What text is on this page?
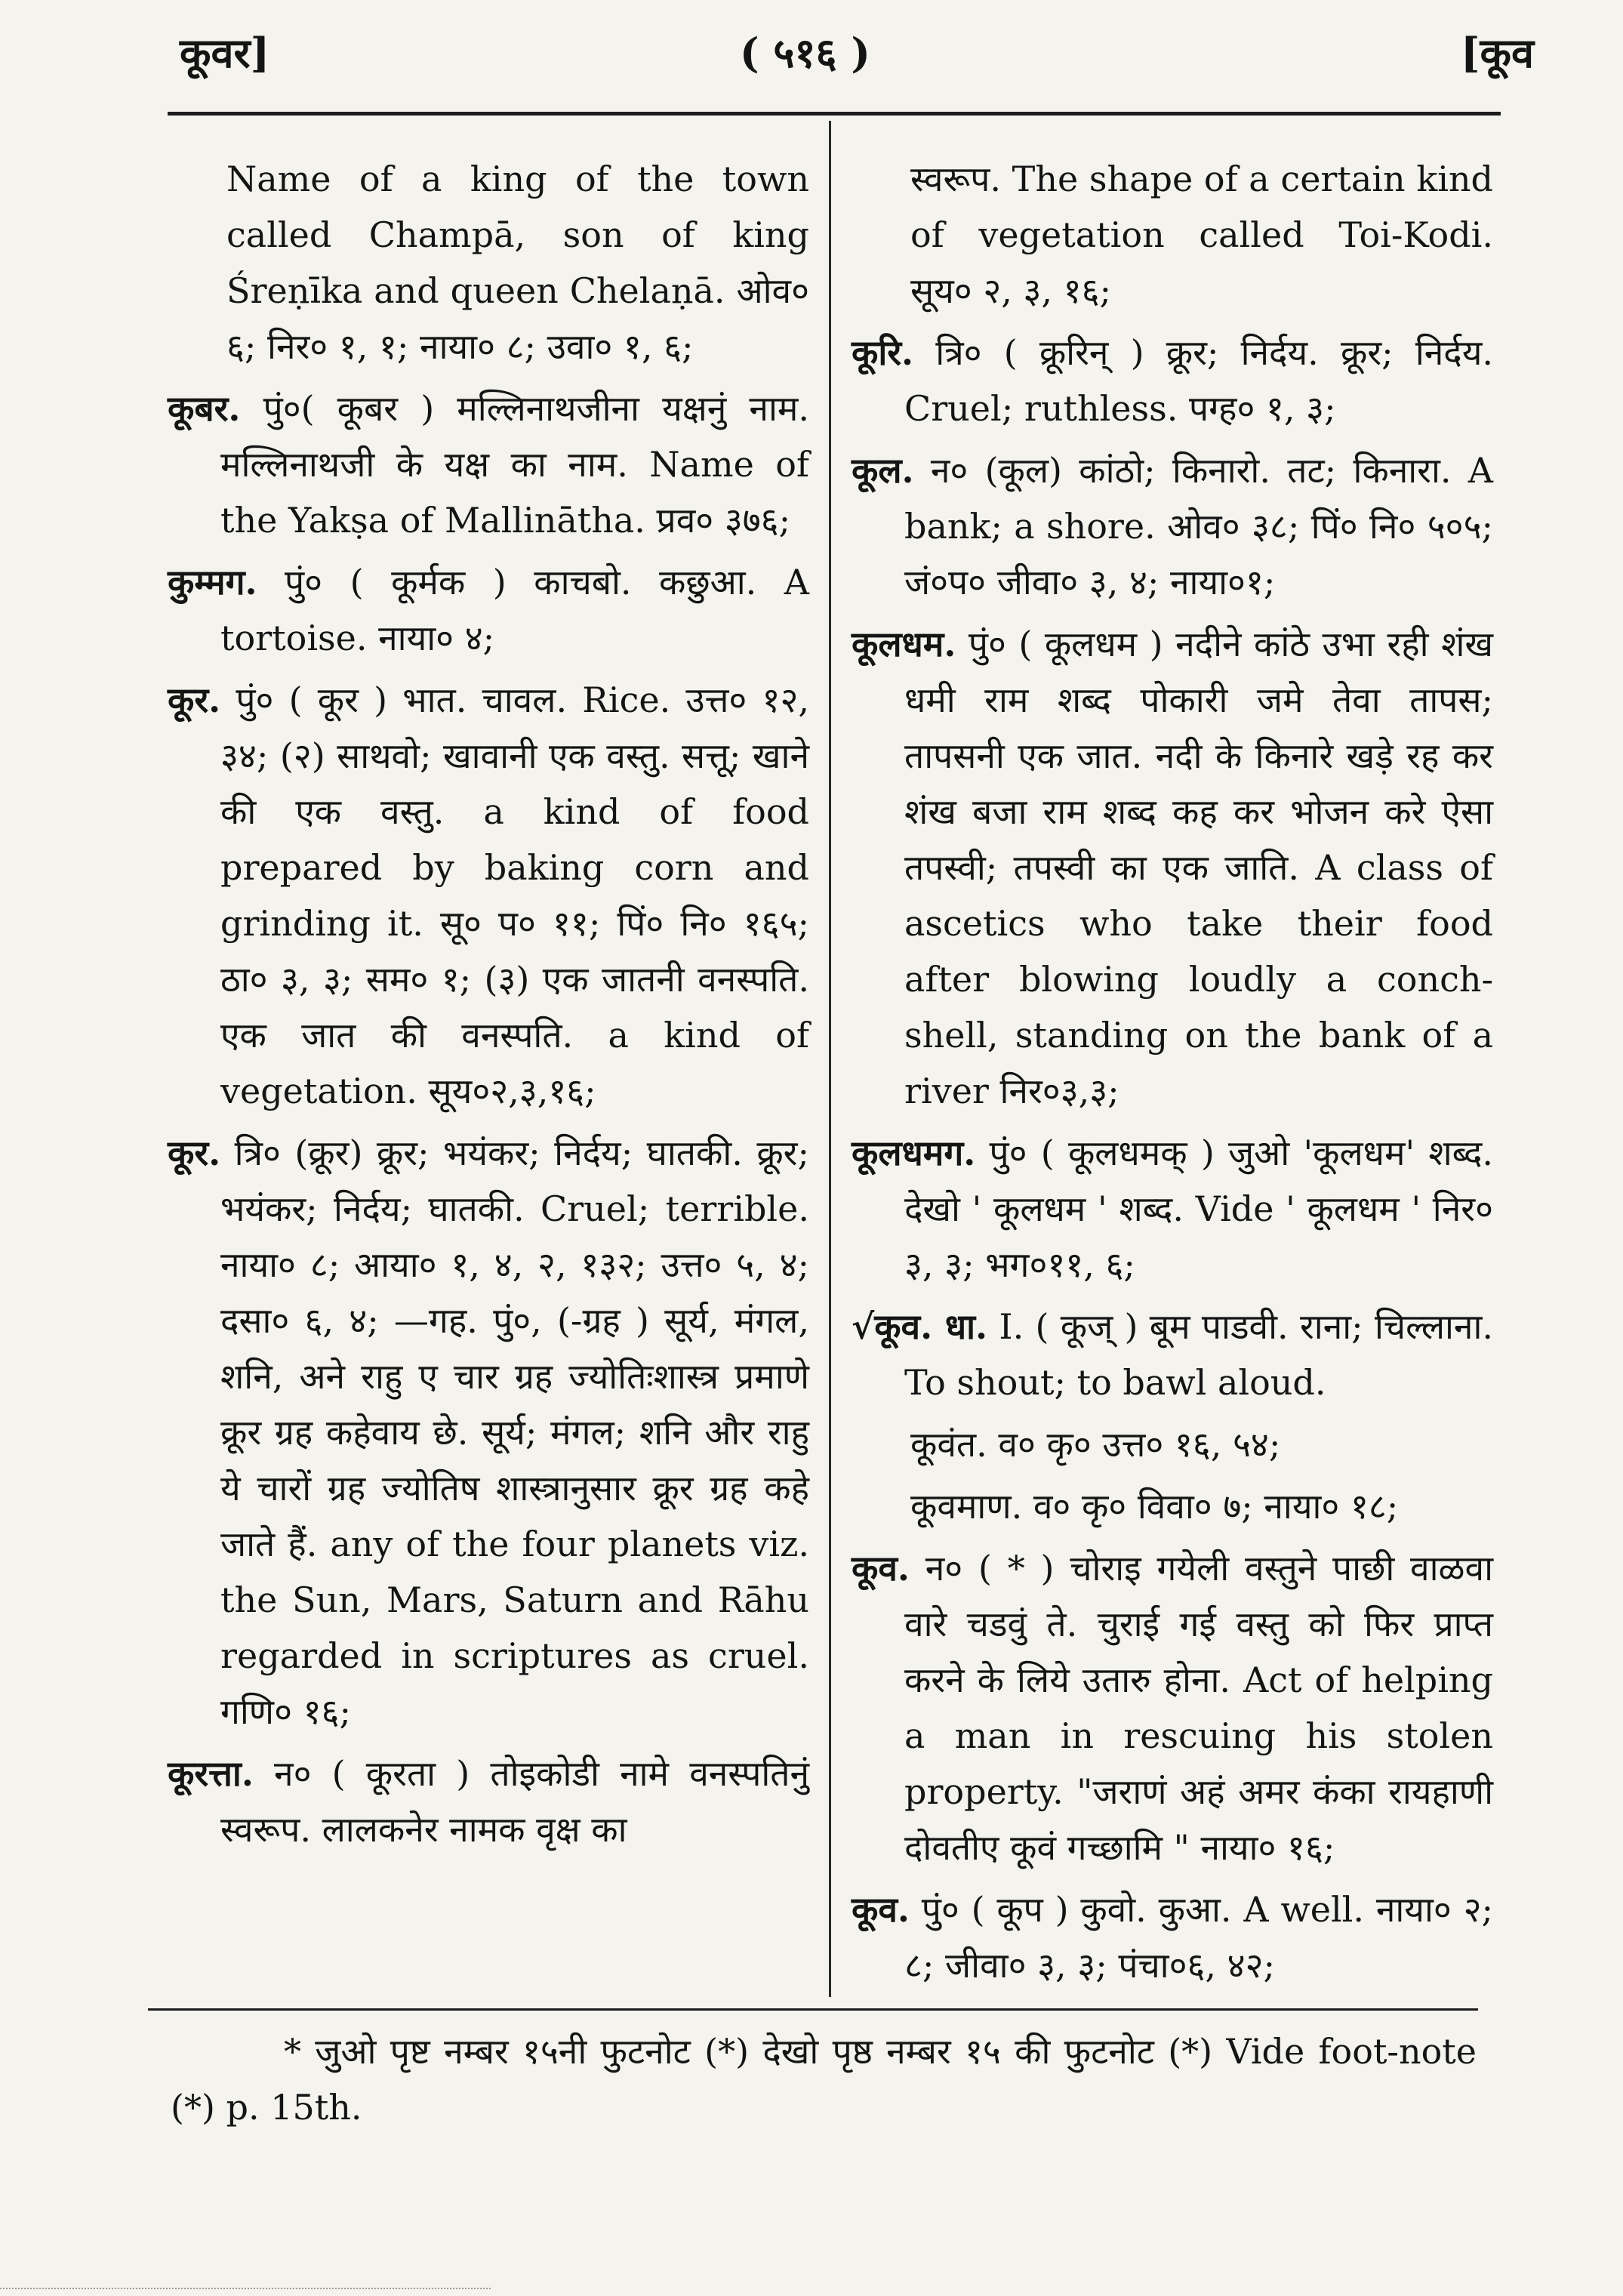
कूवर]	( ५१६ )	[कूव

Name of a king of the town called Champā, son of king Śreṇīka and queen Chelaṇā. ओव० ६; निर० १, १; नाया० ८; उवा० १, ६;

कूबर. पुं०( कूबर ) मल्लिनाथजीना यक्षनुं नाम. मल्लिनाथजी के यक्ष का नाम. Name of the Yakṣa of Mallinātha. प्रव० ३७६;

कुम्मग. पुं० ( कूर्मक ) काचबो. कछुआ. A tortoise. नाया० ४;

कूर. पुं० ( कूर ) भात. चावल. Rice. उत्त० १२, ३४; (२) साथवो; खावानी एक वस्तु. सत्तू; खाने की एक वस्तु. a kind of food prepared by baking corn and grinding it. सू० प० ११; पिं० नि० १६५; ठा० ३, ३; सम० १; (३) एक जातनी वनस्पति. एक जात की वनस्पति. a kind of vegetation. सूय०२,३,१६;

कूर. त्रि० (क्रूर) क्रूर; भयंकर; निर्दय; घातकी. क्रूर; भयंकर; निर्दय; घातकी. Cruel; terrible. नाया० ८; आया० १, ४, २, १३२; उत्त० ५, ४; दसा० ६, ४; —गह. पुं०, (-ग्रह ) सूर्य, मंगल, शनि, अने राहु ए चार ग्रह ज्योतिःशास्त्र प्रमाणे क्रूर ग्रह कहेवाय छे. सूर्य; मंगल; शनि और राहु ये चारों ग्रह ज्योतिष शास्त्रानुसार क्रूर ग्रह कहे जाते हैं. any of the four planets viz. the Sun, Mars, Saturn and Rāhu regarded in scriptures as cruel. गणि० १६;

कूरत्ता. न० ( कूरता ) तोइकोडी नामे वनस्पतिनुं स्वरूप. लालकनेर नामक वृक्ष का

स्वरूप. The shape of a certain kind of vegetation called Toi-Kodi. सूय० २, ३, १६;

कूरि. त्रि० ( क्रूरिन् ) क्रूर; निर्दय. क्रूर; निर्दय. Cruel; ruthless. पग्ह० १, ३;

कूल. न० (कूल) कांठो; किनारो. तट; किनारा. A bank; a shore. ओव० ३८; पिं० नि० ५०५; जं०प० जीवा० ३, ४; नाया०१;

कूलधम. पुं० ( कूलधम ) नदीने कांठे उभा रही शंख धमी राम शब्द पोकारी जमे तेवा तापस; तापसनी एक जात. नदी के किनारे खड़े रह कर शंख बजा राम शब्द कह कर भोजन करे ऐसा तपस्वी; तपस्वी का एक जाति. A class of ascetics who take their food after blowing loudly a conch-shell, standing on the bank of a river निर०३,३;

कूलधमग. पुं० ( कूलधमक् ) जुओ 'कूलधम' शब्द. देखो ' कूलधम ' शब्द. Vide ' कूलधम ' निर० ३, ३; भग०११, ६;

√कूव. धा. I. ( कूज् ) बूम पाडवी. राना; चिल्लाना. To shout; to bawl aloud.

कूवंत. व० कृ० उत्त० १६, ५४;

कूवमाण. व० कृ० विवा० ७; नाया० १८;

कूव. न० ( * ) चोराइ गयेली वस्तुने पाछी वाळवा वारे चडवुं ते. चुराई गई वस्तु को फिर प्राप्त करने के लिये उतारु होना. Act of helping a man in rescuing his stolen property. "जराणं अहं अमर कंका रायहाणी दोवतीए कूवं गच्छामि " नाया० १६;

कूव. पुं० ( कूप ) कुवो. कुआ. A well. नाया० २; ८; जीवा० ३, ३; पंचा०६, ४२;

* जुओ पृष्ट नम्बर १५नी फुटनोट (*) देखो पृष्ठ नम्बर १५ की फुटनोट (*) Vide foot-note (*) p. 15th.
